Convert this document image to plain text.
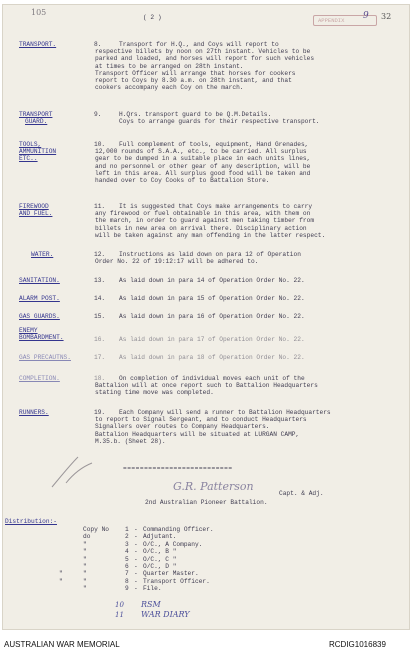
105
( 2 )	APPENDIX 9 32
TRANSPORT.	8.	Transport for H.Q., and Coys will report to
respective billets by noon on 27th instant. Vehicles to be
parked and loaded, and horses will report for such vehicles
at times to be arranged on 28th instant.
Transport Officer will arrange that horses for cookers
report to Coys by 8.30 a.m. on 28th instant, and that
cookers accompany each Coy on the march.
TRANSPORT
GUARD.
9.	H.Qrs. transport guard to be Q.M.Details.
Coys to arrange guards for their respective transport.
TOOLS,
AMMUNITION
ETC..
10. Full complement of tools, equipment, Hand Grenades,
12,000 rounds of S.A.A., etc., to be carried. All surplus
gear to be dumped in a suitable place in each units lines,
and no personnel or other gear of any description, will be
left in this area. All surplus good food will be taken and
handed over to Coy Cooks of to Battalion Store.
FIREWOOD
AND FUEL.
11. It is suggested that Coys make arrangements to carry
any firewood or fuel obtainable in this area, with them on
the march, in order to guard against men taking timber from
billets in new area on arrival there. Disciplinary action
will be taken against any man offending in the latter respect.
WATER.	12. Instructions as laid down on para 12 of Operation
Order No. 22 of 19:12:17 will be adhered to.
SANITATION.	13. As laid down in para 14 of Operation Order No. 22.
ALARM POST.	14. As laid down in para 15 of Operation Order No. 22.
GAS GUARDS.	15. As laid down in para 16 of Operation Order No. 22.
ENEMY
BOMBARDMENT.	16. As laid down in para 17 of Operation Order No. 22.
GAS PRECAUTNS.	17. As laid down in para 18 of Operation Order No. 22.
COMPLETION.	18. On completion of individual moves each unit of the
Battalion will at once report such to Battalion Headquarters
stating time move was completed.
RUNNERS.	19. Each Company will send a runner to Battalion Headquarters
to report to Signal Sergeant, and to conduct Headquarters
Signallers over routes to Company Headquarters.
Battalion Headquarters will be situated at LURGAN CAMP,
M.35.b. (Sheet 28).
==========================
G.R. Patterson
Capt. & Adj.
2nd Australian Pioneer Battalion.
Distribution:-
-
Copy No	1 Commanding Officer.
-
do	2 Adjutant.
-
"	3 O/C., A Company.
-
"	4 O/C., B "
-
"	5 O/C., C "
-
"	6 O/C., D "
-
"	"	7 Quarter Master.
-
"	"	8 Transport Officer.
-
"	9 File.
10 RSM
11 WAR DIARY
AUSTRALIAN WAR MEMORIAL	RCDIG1016839
